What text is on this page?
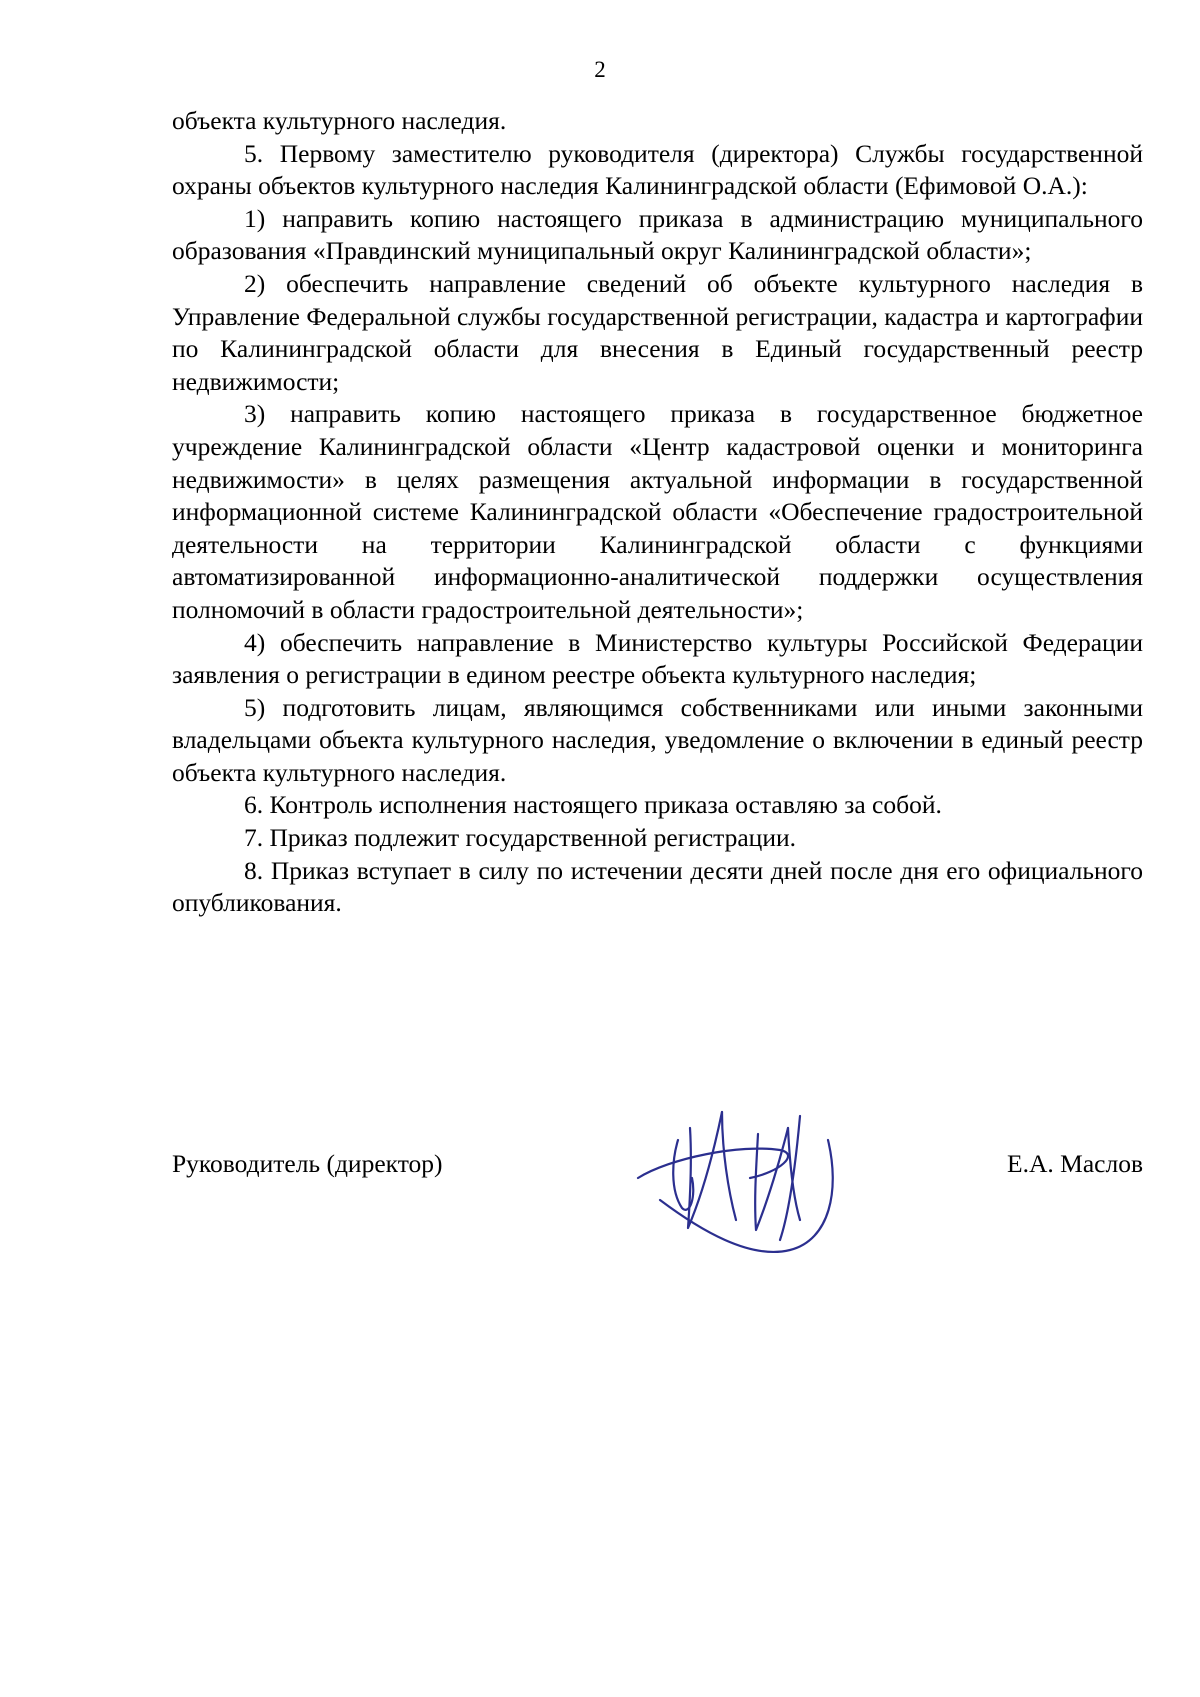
2

объекта культурного наследия.

5. Первому заместителю руководителя (директора) Службы государственной охраны объектов культурного наследия Калининградской области (Ефимовой О.А.):

1) направить копию настоящего приказа в администрацию муниципального образования «Правдинский муниципальный округ Калининградской области»;

2) обеспечить направление сведений об объекте культурного наследия в Управление Федеральной службы государственной регистрации, кадастра и картографии по Калининградской области для внесения в Единый государственный реестр недвижимости;

3) направить копию настоящего приказа в государственное бюджетное учреждение Калининградской области «Центр кадастровой оценки и мониторинга недвижимости» в целях размещения актуальной информации в государственной информационной системе Калининградской области «Обеспечение градостроительной деятельности на территории Калининградской области с функциями автоматизированной информационно-аналитической поддержки осуществления полномочий в области градостроительной деятельности»;

4) обеспечить направление в Министерство культуры Российской Федерации заявления о регистрации в едином реестре объекта культурного наследия;

5) подготовить лицам, являющимся собственниками или иными законными владельцами объекта культурного наследия, уведомление о включении в единый реестр объекта культурного наследия.

6. Контроль исполнения настоящего приказа оставляю за собой.

7. Приказ подлежит государственной регистрации.

8. Приказ вступает в силу по истечении десяти дней после дня его официального опубликования.

Руководитель (директор)	Е.А. Маслов
